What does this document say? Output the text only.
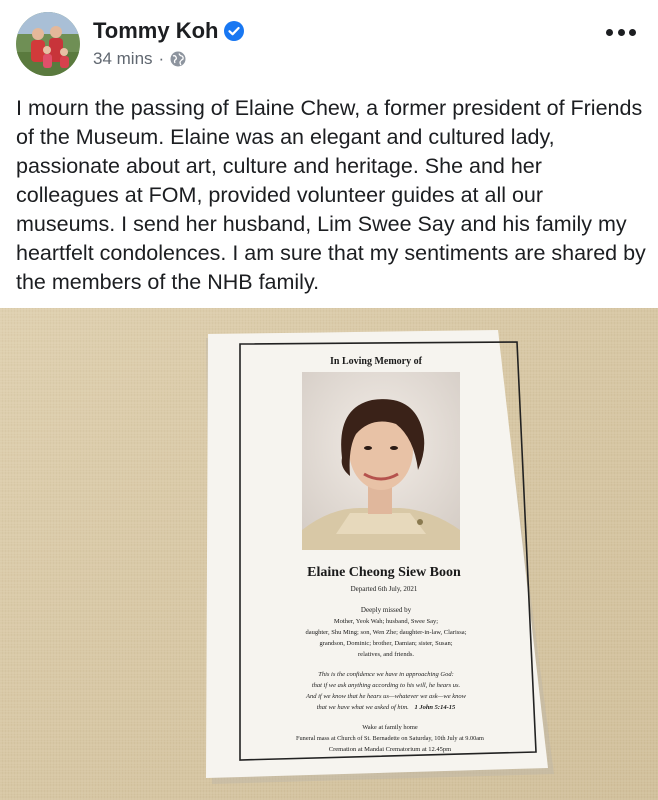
Tommy Koh
34 mins ·

I mourn the passing of Elaine Chew, a former president of Friends of the Museum. Elaine was an elegant and cultured lady, passionate about art, culture and heritage. She and her colleagues at FOM, provided volunteer guides at all our museums. I send her husband, Lim Swee Say and his family my heartfelt condolences. I am sure that my sentiments are shared by the members of the NHB family.

In Loving Memory of
Elaine Cheong Siew Boon
Departed 6th July, 2021
Deeply missed by
Mother, Yeok Wah; husband, Swee Say;
daughter, Shu Ming; son, Wen Zhe; daughter-in-law, Clarissa;
grandson, Dominic; brother, Damian; sister, Susan;
relatives, and friends.
This is the confidence we have in approaching God:
that if we ask anything according to his will, he hears us.
And if we know that he hears us—whatever we ask—we know
that we have what we asked of him. 1 John 5:14-15
Wake at family home
Funeral mass at Church of St. Bernadette on Saturday, 10th July at 9.00am
Cremation at Mandai Crematorium at 12.45pm
